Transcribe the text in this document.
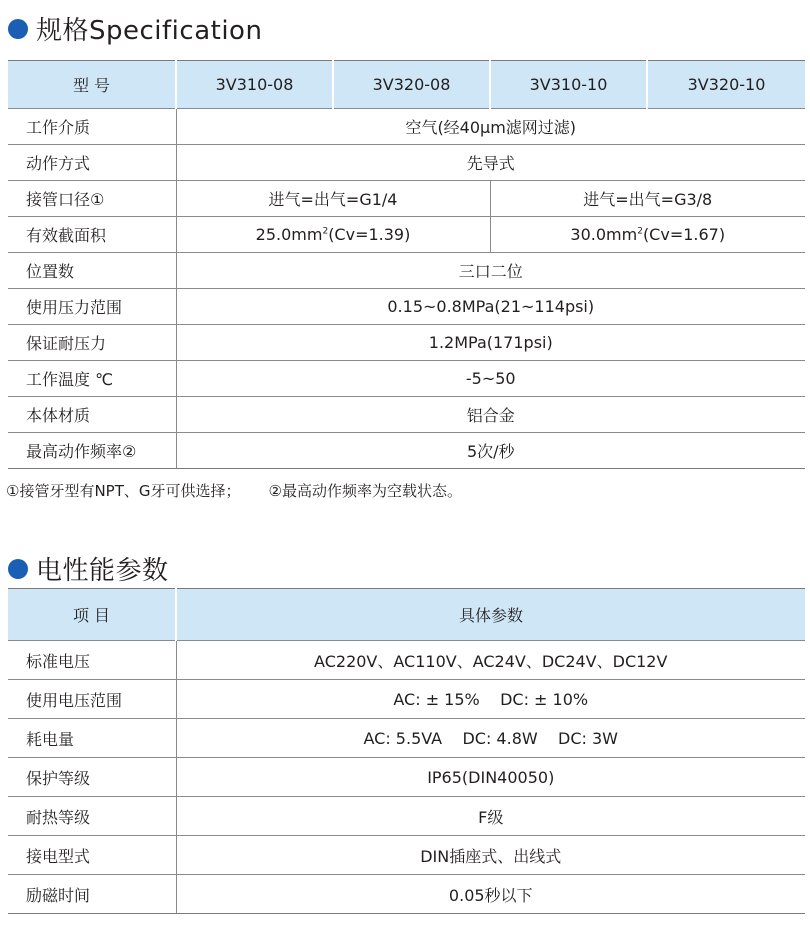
规格Specification
型 号	3V310-08	3V320-08	3V310-10	3V320-10
工作介质	空气(经40μm滤网过滤)			
动作方式	先导式			
接管口径①	进气=出气=G1/4		进气=出气=G3/8	
有效截面积	$25.0mm^2(Cv=1.39)$		$30.0mm^2(Cv=1.67)$	
位置数	三口二位			
使用压力范围	0.15~0.8MPa(21~114psi)			
保证耐压力	1.2MPa(171psi)			
工作温度 ℃	-5~50			
本体材质	铝合金			
最高动作频率②	5次/秒			
①接管牙型有NPT、G牙可供选择； ②最高动作频率为空载状态。
电性能参数
项 目	具体参数
标准电压	AC220V、AC110V、AC24V、DC24V、DC12V
使用电压范围	AC: ± 15%    DC: ± 10%
耗电量	AC: 5.5VA    DC: 4.8W    DC: 3W
保护等级	IP65(DIN40050)
耐热等级	F级
接电型式	DIN插座式、出线式
励磁时间	0.05秒以下
